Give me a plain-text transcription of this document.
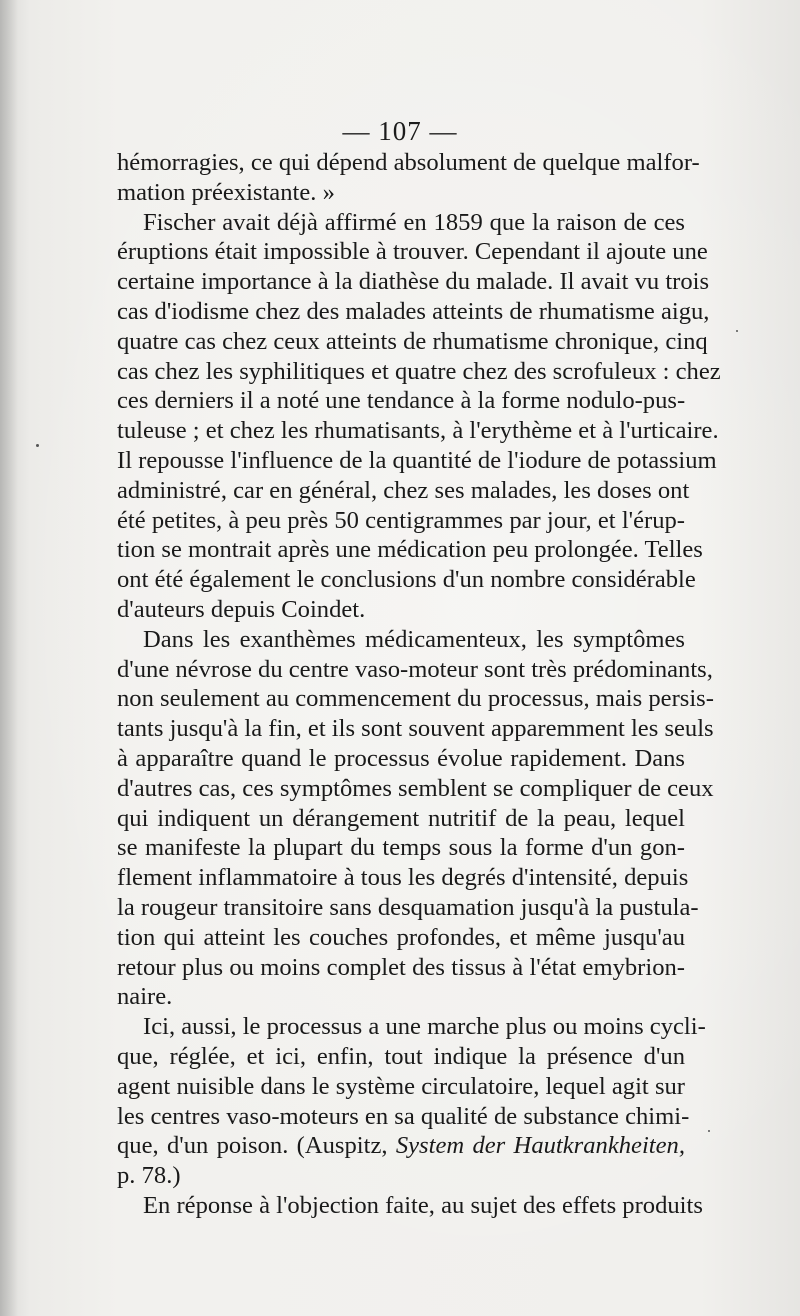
— 107 —

hémorragies, ce qui dépend absolument de quelque malfor-
mation préexistante. »

Fischer avait déjà affirmé en 1859 que la raison de ces
éruptions était impossible à trouver. Cependant il ajoute une
certaine importance à la diathèse du malade. Il avait vu trois
cas d'iodisme chez des malades atteints de rhumatisme aigu,
quatre cas chez ceux atteints de rhumatisme chronique, cinq
cas chez les syphilitiques et quatre chez des scrofuleux : chez
ces derniers il a noté une tendance à la forme nodulo-pus-
tuleuse ; et chez les rhumatisants, à l'erythème et à l'urticaire.
Il repousse l'influence de la quantité de l'iodure de potassium
administré, car en général, chez ses malades, les doses ont
été petites, à peu près 50 centigrammes par jour, et l'érup-
tion se montrait après une médication peu prolongée. Telles
ont été également le conclusions d'un nombre considérable
d'auteurs depuis Coindet.

Dans les exanthèmes médicamenteux, les symptômes
d'une névrose du centre vaso-moteur sont très prédominants,
non seulement au commencement du processus, mais persis-
tants jusqu'à la fin, et ils sont souvent apparemment les seuls
à apparaître quand le processus évolue rapidement. Dans
d'autres cas, ces symptômes semblent se compliquer de ceux
qui indiquent un dérangement nutritif de la peau, lequel
se manifeste la plupart du temps sous la forme d'un gon-
flement inflammatoire à tous les degrés d'intensité, depuis
la rougeur transitoire sans desquamation jusqu'à la pustula-
tion qui atteint les couches profondes, et même jusqu'au
retour plus ou moins complet des tissus à l'état emybrion-
naire.

Ici, aussi, le processus a une marche plus ou moins cycli-
que, réglée, et ici, enfin, tout indique la présence d'un
agent nuisible dans le système circulatoire, lequel agit sur
les centres vaso-moteurs en sa qualité de substance chimi-
que, d'un poison. (Auspitz, System der Hautkrankheiten,
p. 78.)

En réponse à l'objection faite, au sujet des effets produits
